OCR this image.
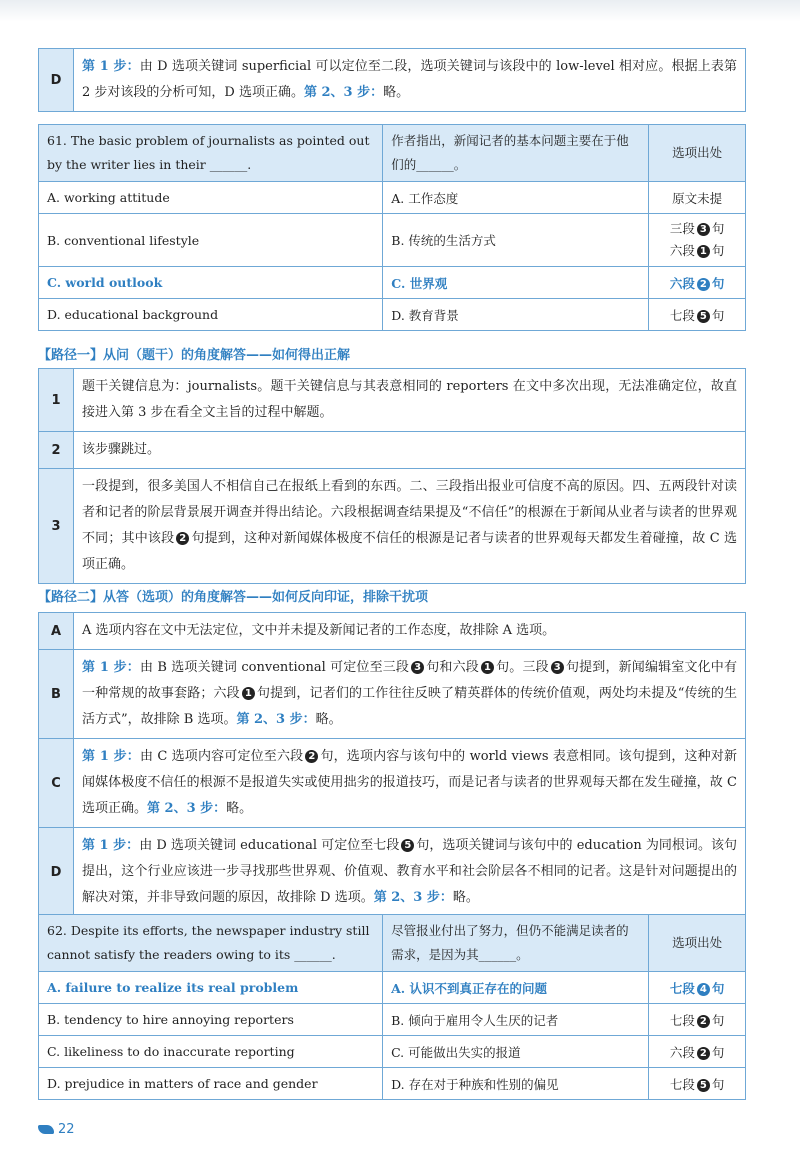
D	第 1 步：由 D 选项关键词 superficial 可以定位至二段，选项关键词与该段中的 low-level 相对应。根据上表第 2 步对该段的分析可知，D 选项正确。第 2、3 步：略。
61. The basic problem of journalists as pointed out by the writer lies in their ______.	作者指出，新闻记者的基本问题主要在于他们的______。	选项出处
A. working attitude	A. 工作态度	原文未提
B. conventional lifestyle	B. 传统的生活方式	三段 3 句
六段 1 句
C. world outlook	C. 世界观	六段 2 句
D. educational background	D. 教育背景	七段 5 句
【路径一】从问（题干）的角度解答——如何得出正解
1	题干关键信息为：journalists。题干关键信息与其表意相同的 reporters 在文中多次出现，无法准确定位，故直接进入第 3 步在看全文主旨的过程中解题。
2	该步骤跳过。
3	一段提到，很多美国人不相信自己在报纸上看到的东西。二、三段指出报业可信度不高的原因。四、五两段针对读者和记者的阶层背景展开调查并得出结论。六段根据调查结果提及“不信任”的根源在于新闻从业者与读者的世界观不同；其中该段 2 句提到，这种对新闻媒体极度不信任的根源是记者与读者的世界观每天都发生着碰撞，故 C 选项正确。
【路径二】从答（选项）的角度解答——如何反向印证，排除干扰项
A	A 选项内容在文中无法定位，文中并未提及新闻记者的工作态度，故排除 A 选项。
B	第 1 步：由 B 选项关键词 conventional 可定位至三段 3 句和六段 1 句。三段 3 句提到，新闻编辑室文化中有一种常规的故事套路；六段 1 句提到，记者们的工作往往反映了精英群体的传统价值观，两处均未提及“传统的生活方式”，故排除 B 选项。第 2、3 步：略。
C	第 1 步：由 C 选项内容可定位至六段 2 句，选项内容与该句中的 world views 表意相同。该句提到，这种对新闻媒体极度不信任的根源不是报道失实或使用拙劣的报道技巧，而是记者与读者的世界观每天都在发生碰撞，故 C 选项正确。第 2、3 步：略。
D	第 1 步：由 D 选项关键词 educational 可定位至七段 5 句，选项关键词与该句中的 education 为同根词。该句提出，这个行业应该进一步寻找那些世界观、价值观、教育水平和社会阶层各不相同的记者。这是针对问题提出的解决对策，并非导致问题的原因，故排除 D 选项。第 2、3 步：略。
62. Despite its efforts, the newspaper industry still cannot satisfy the readers owing to its ______.	尽管报业付出了努力，但仍不能满足读者的需求，是因为其______。	选项出处
A. failure to realize its real problem	A. 认识不到真正存在的问题	七段 4 句
B. tendency to hire annoying reporters	B. 倾向于雇用令人生厌的记者	七段 2 句
C. likeliness to do inaccurate reporting	C. 可能做出失实的报道	六段 2 句
D. prejudice in matters of race and gender	D. 存在对于种族和性别的偏见	七段 5 句
22
